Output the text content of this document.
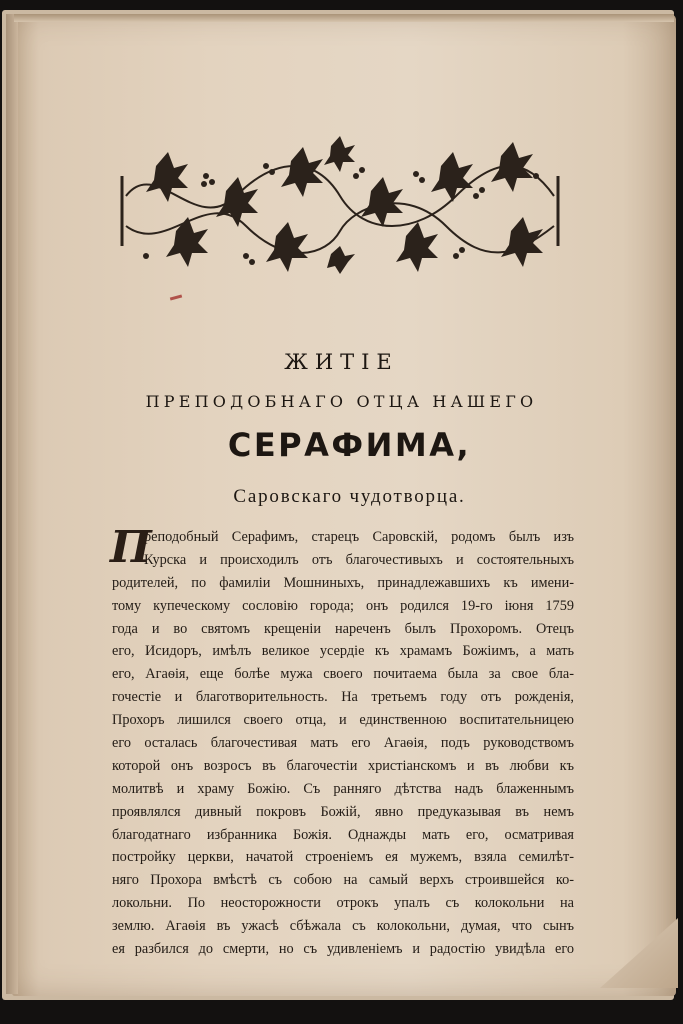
ЖИТІЕ
ПРЕПОДОБНАГО ОТЦА НАШЕГО
СЕРАФИМА,
Саровскаго чудотворца.
П
реподобный Серафимъ, старецъ Саровскій, родомъ былъ изъ
Курска и происходилъ отъ благочестивыхъ и состоятельныхъ
родителей, по фамиліи Мошниныхъ, принадлежавшихъ къ имени-
тому купеческому сословію города; онъ родился 19-го іюня 1759
года и во святомъ крещеніи нареченъ былъ Прохоромъ. Отецъ
его, Исидоръ, имѣлъ великое усердіе къ храмамъ Божіимъ, а мать
его, Агаѳія, еще болѣе мужа своего почитаема была за свое бла-
гочестіе и благотворительность. На третьемъ году отъ рожденія,
Прохоръ лишился своего отца, и единственною воспитательницею
его осталась благочестивая мать его Агаѳія, подъ руководствомъ
которой онъ возросъ въ благочестіи христіанскомъ и въ любви къ
молитвѣ и храму Божію. Съ ранняго дѣтства надъ блаженнымъ
проявлялся дивный покровъ Божій, явно предуказывая въ немъ
благодатнаго избранника Божія. Однажды мать его, осматривая
постройку церкви, начатой строеніемъ ея мужемъ, взяла семилѣт-
няго Прохора вмѣстѣ съ собою на самый верхъ строившейся ко-
локольни. По неосторожности отрокъ упалъ съ колокольни на
землю. Агаѳія въ ужасѣ сбѣжала съ колокольни, думая, что сынъ
ея разбился до смерти, но съ удивленіемъ и радостію увидѣла его
